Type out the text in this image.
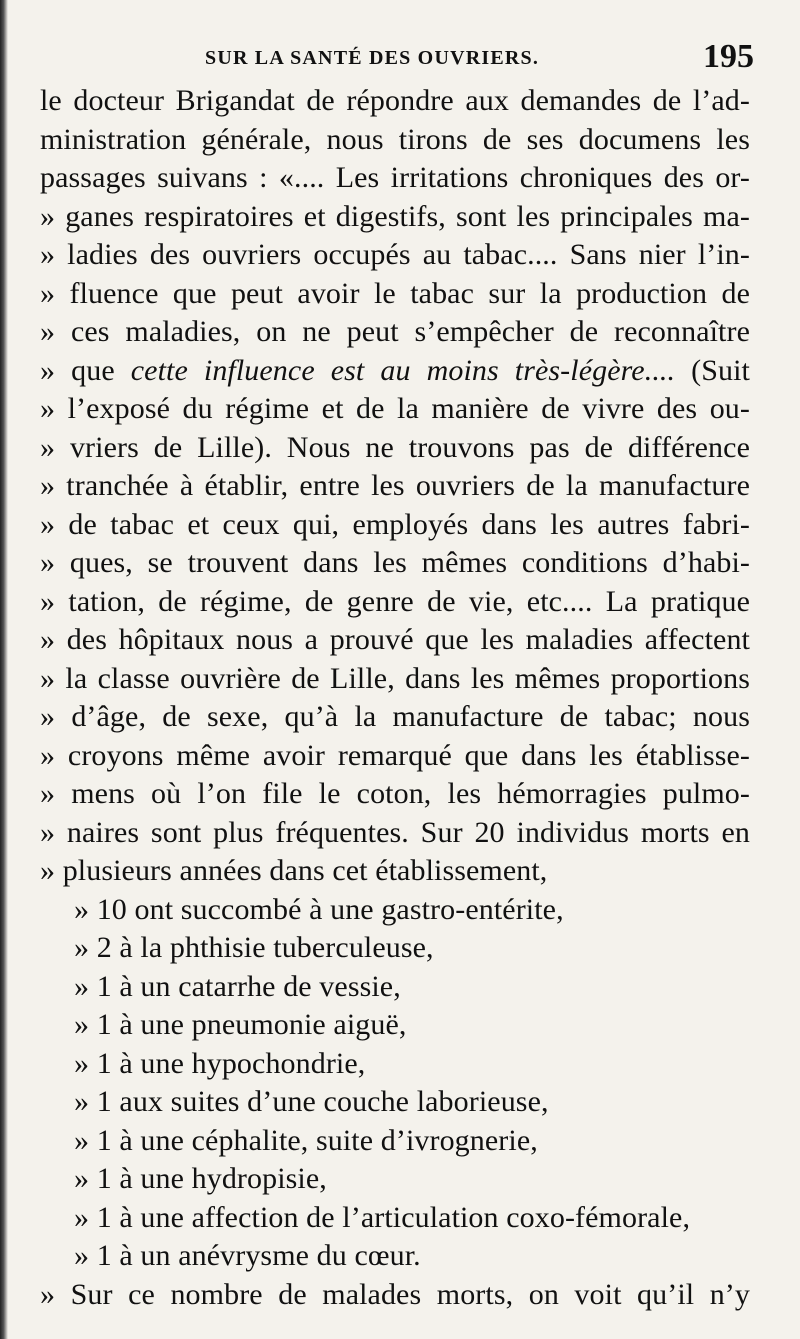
SUR LA SANTÉ DES OUVRIERS.	195
le docteur Brigandat de répondre aux demandes de l’ad-
ministration générale, nous tirons de ses documens les
passages suivans : «.... Les irritations chroniques des or-
» ganes respiratoires et digestifs, sont les principales ma-
» ladies des ouvriers occupés au tabac.... Sans nier l’in-
» fluence que peut avoir le tabac sur la production de
» ces maladies, on ne peut s’empêcher de reconnaître
» que cette influence est au moins très-légère.... (Suit
» l’exposé du régime et de la manière de vivre des ou-
» vriers de Lille). Nous ne trouvons pas de différence
» tranchée à établir, entre les ouvriers de la manufacture
» de tabac et ceux qui, employés dans les autres fabri-
» ques, se trouvent dans les mêmes conditions d’habi-
» tation, de régime, de genre de vie, etc.... La pratique
» des hôpitaux nous a prouvé que les maladies affectent
» la classe ouvrière de Lille, dans les mêmes proportions
» d’âge, de sexe, qu’à la manufacture de tabac; nous
» croyons même avoir remarqué que dans les établisse-
» mens où l’on file le coton, les hémorragies pulmo-
» naires sont plus fréquentes. Sur 20 individus morts en
» plusieurs années dans cet établissement,
» 10 ont succombé à une gastro-entérite,
» 2 à la phthisie tuberculeuse,
» 1 à un catarrhe de vessie,
» 1 à une pneumonie aiguë,
» 1 à une hypochondrie,
» 1 aux suites d’une couche laborieuse,
» 1 à une céphalite, suite d’ivrognerie,
» 1 à une hydropisie,
» 1 à une affection de l’articulation coxo-fémorale,
» 1 à un anévrysme du cœur.
» Sur ce nombre de malades morts, on voit qu’il n’y
